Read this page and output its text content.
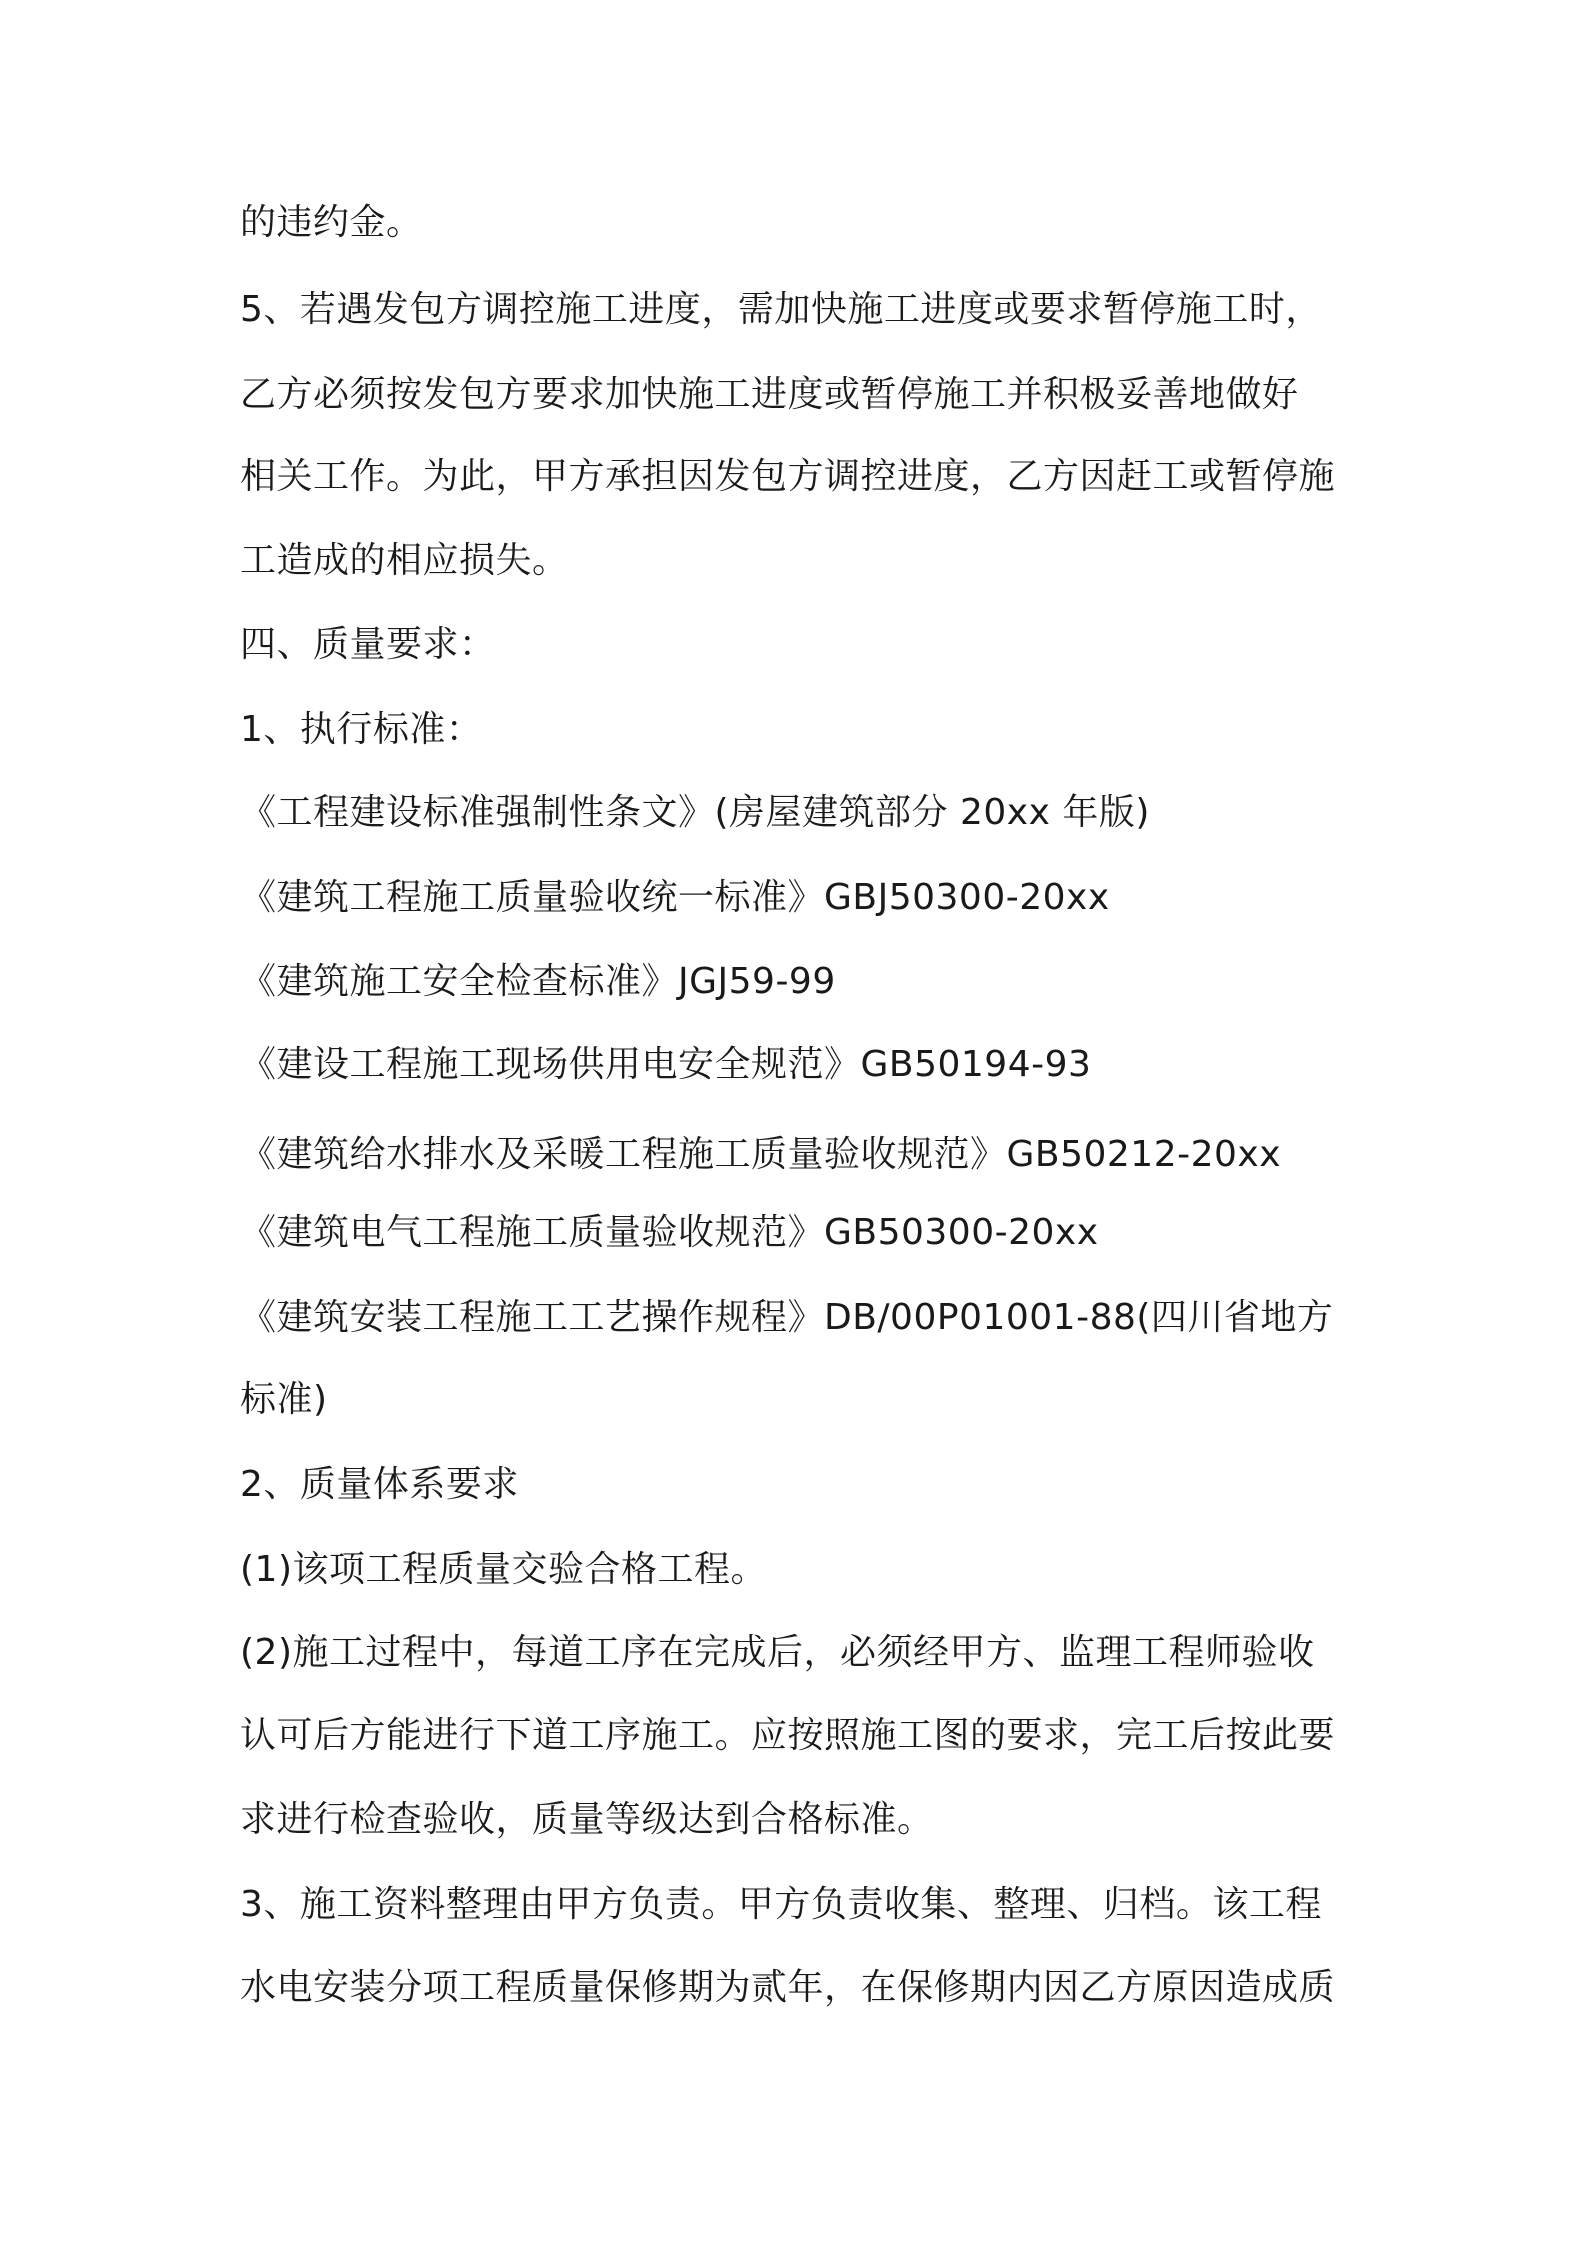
的违约金。

5、若遇发包方调控施工进度，需加快施工进度或要求暂停施工时，

乙方必须按发包方要求加快施工进度或暂停施工并积极妥善地做好

相关工作。为此，甲方承担因发包方调控进度，乙方因赶工或暂停施

工造成的相应损失。

四、质量要求：

1、执行标准：

《工程建设标准强制性条文》(房屋建筑部分 20xx 年版)

《建筑工程施工质量验收统一标准》GBJ50300-20xx

《建筑施工安全检查标准》JGJ59-99

《建设工程施工现场供用电安全规范》GB50194-93

《建筑给水排水及采暖工程施工质量验收规范》GB50212-20xx

《建筑电气工程施工质量验收规范》GB50300-20xx

《建筑安装工程施工工艺操作规程》DB/00P01001-88(四川省地方

标准)

2、质量体系要求

(1)该项工程质量交验合格工程。

(2)施工过程中，每道工序在完成后，必须经甲方、监理工程师验收

认可后方能进行下道工序施工。应按照施工图的要求，完工后按此要

求进行检查验收，质量等级达到合格标准。

3、施工资料整理由甲方负责。甲方负责收集、整理、归档。该工程

水电安装分项工程质量保修期为贰年，在保修期内因乙方原因造成质
